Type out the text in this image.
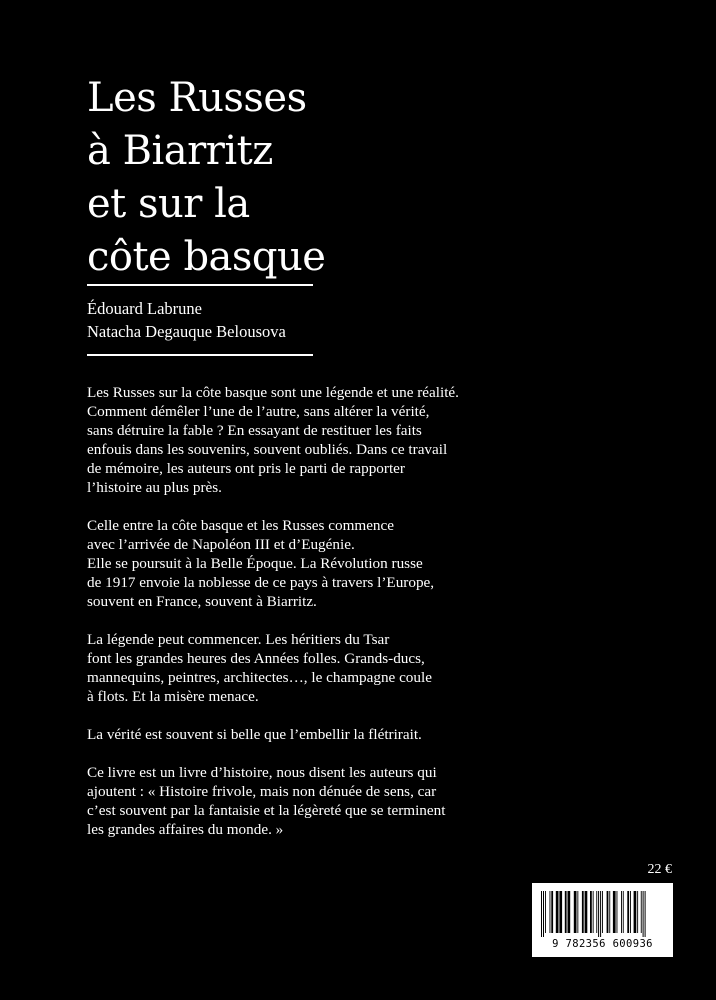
Les Russes
à Biarritz
et sur la
côte basque
Édouard Labrune
Natacha Degauque Belousova

Les Russes sur la côte basque sont une légende et une réalité.
Comment démêler l’une de l’autre, sans altérer la vérité,
sans détruire la fable ? En essayant de restituer les faits
enfouis dans les souvenirs, souvent oubliés. Dans ce travail
de mémoire, les auteurs ont pris le parti de rapporter
l’histoire au plus près.

Celle entre la côte basque et les Russes commence
avec l’arrivée de Napoléon III et d’Eugénie.
Elle se poursuit à la Belle Époque. La Révolution russe
de 1917 envoie la noblesse de ce pays à travers l’Europe,
souvent en France, souvent à Biarritz.

La légende peut commencer. Les héritiers du Tsar
font les grandes heures des Années folles. Grands-ducs,
mannequins, peintres, architectes…, le champagne coule
à flots. Et la misère menace.

La vérité est souvent si belle que l’embellir la flétrirait.

Ce livre est un livre d’histoire, nous disent les auteurs qui
ajoutent : « Histoire frivole, mais non dénuée de sens, car
c’est souvent par la fantaisie et la légèreté que se terminent
les grandes affaires du monde. »

22 €
9 782356 600936
